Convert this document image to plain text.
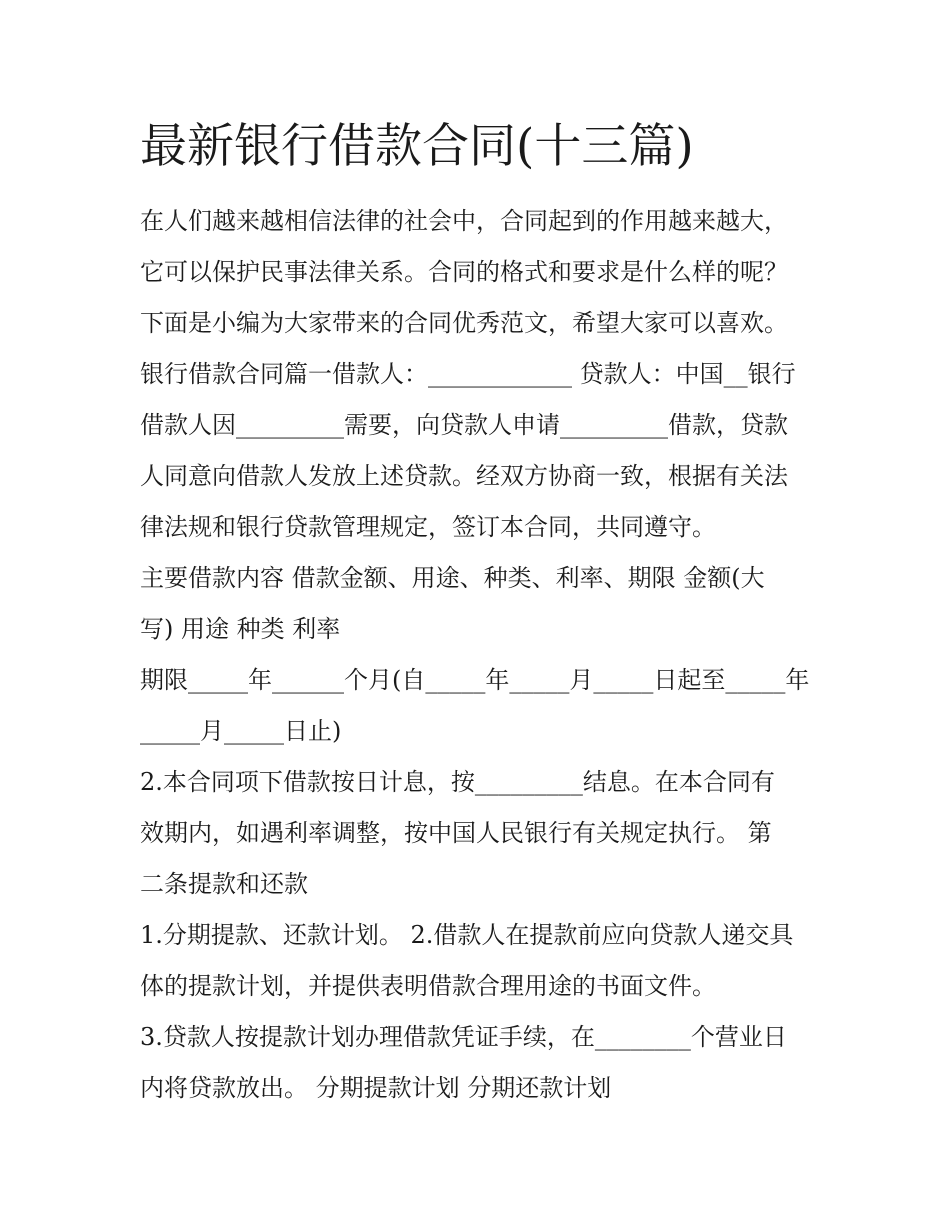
最新银行借款合同(十三篇)
在人们越来越相信法律的社会中，合同起到的作用越来越大，
它可以保护民事法律关系。合同的格式和要求是什么样的呢？
下面是小编为大家带来的合同优秀范文，希望大家可以喜欢。
银行借款合同篇一借款人：____________ 贷款人：中国__银行
借款人因_________需要，向贷款人申请_________借款，贷款
人同意向借款人发放上述贷款。经双方协商一致，根据有关法
律法规和银行贷款管理规定，签订本合同，共同遵守。
主要借款内容 借款金额、用途、种类、利率、期限 金额(大
写) 用途 种类 利率
期限_____年______个月(自_____年_____月_____日起至_____年
_____月_____日止)
2.本合同项下借款按日计息，按_________结息。在本合同有
效期内，如遇利率调整，按中国人民银行有关规定执行。 第
二条提款和还款
1.分期提款、还款计划。 2.借款人在提款前应向贷款人递交具
体的提款计划，并提供表明借款合理用途的书面文件。
3.贷款人按提款计划办理借款凭证手续，在________个营业日
内将贷款放出。 分期提款计划 分期还款计划
